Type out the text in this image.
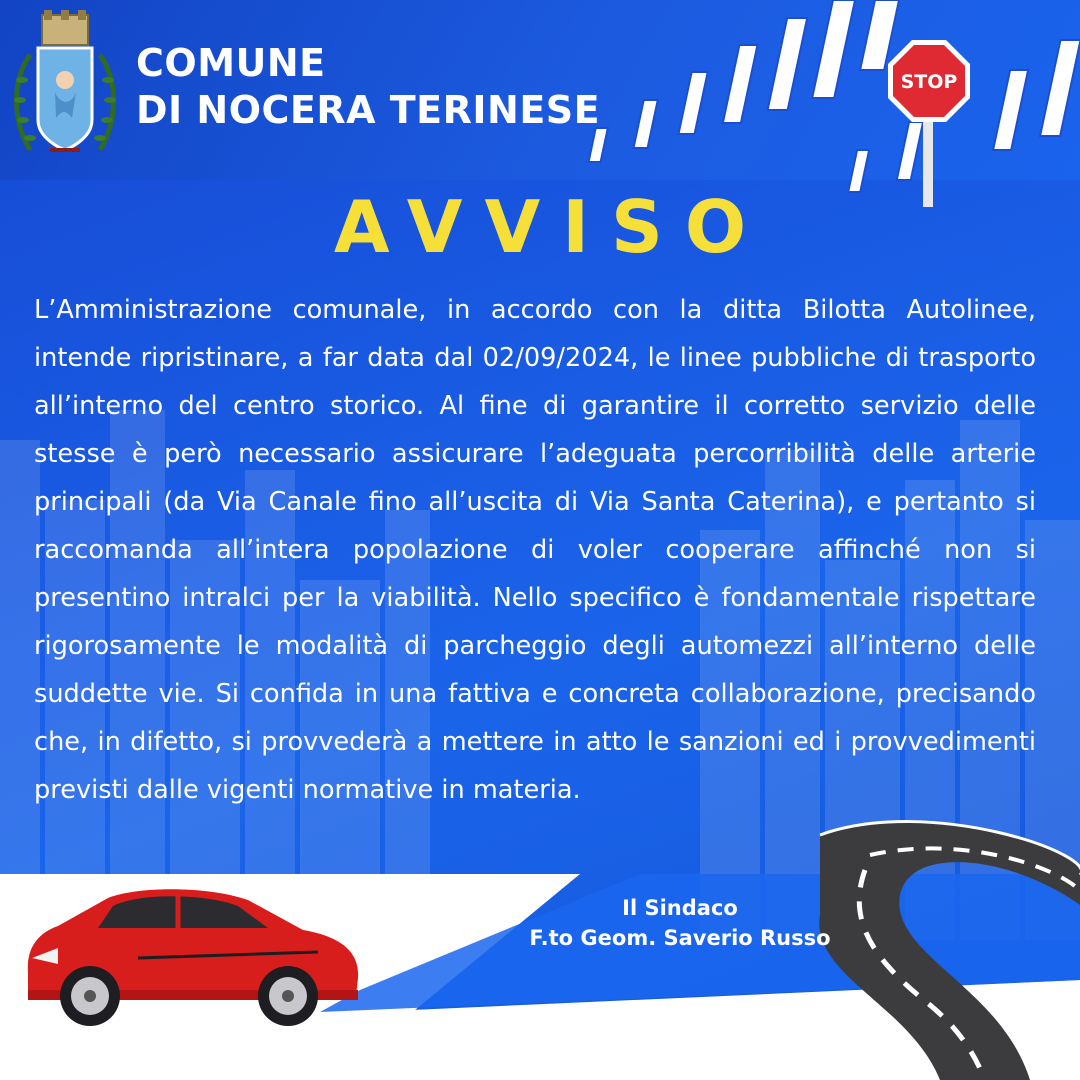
COMUNE
DI NOCERA TERINESE
STOP
AVVISO

L’Amministrazione comunale, in accordo con la ditta Bilotta Autolinee, intende ripristinare, a far data dal 02/09/2024, le linee pubbliche di trasporto all’interno del centro storico. Al fine di garantire il corretto servizio delle stesse è però necessario assicurare l’adeguata percorribilità delle arterie principali (da Via Canale fino all’uscita di Via Santa Caterina), e pertanto si raccomanda all’intera popolazione di voler cooperare affinché non si presentino intralci per la viabilità. Nello specifico è fondamentale rispettare rigorosamente le modalità di parcheggio degli automezzi all’interno delle suddette vie. Si confida in una fattiva e concreta collaborazione, precisando che, in difetto, si provvederà a mettere in atto le sanzioni ed i provvedimenti previsti dalle vigenti normative in materia.

Il Sindaco
F.to Geom. Saverio Russo
